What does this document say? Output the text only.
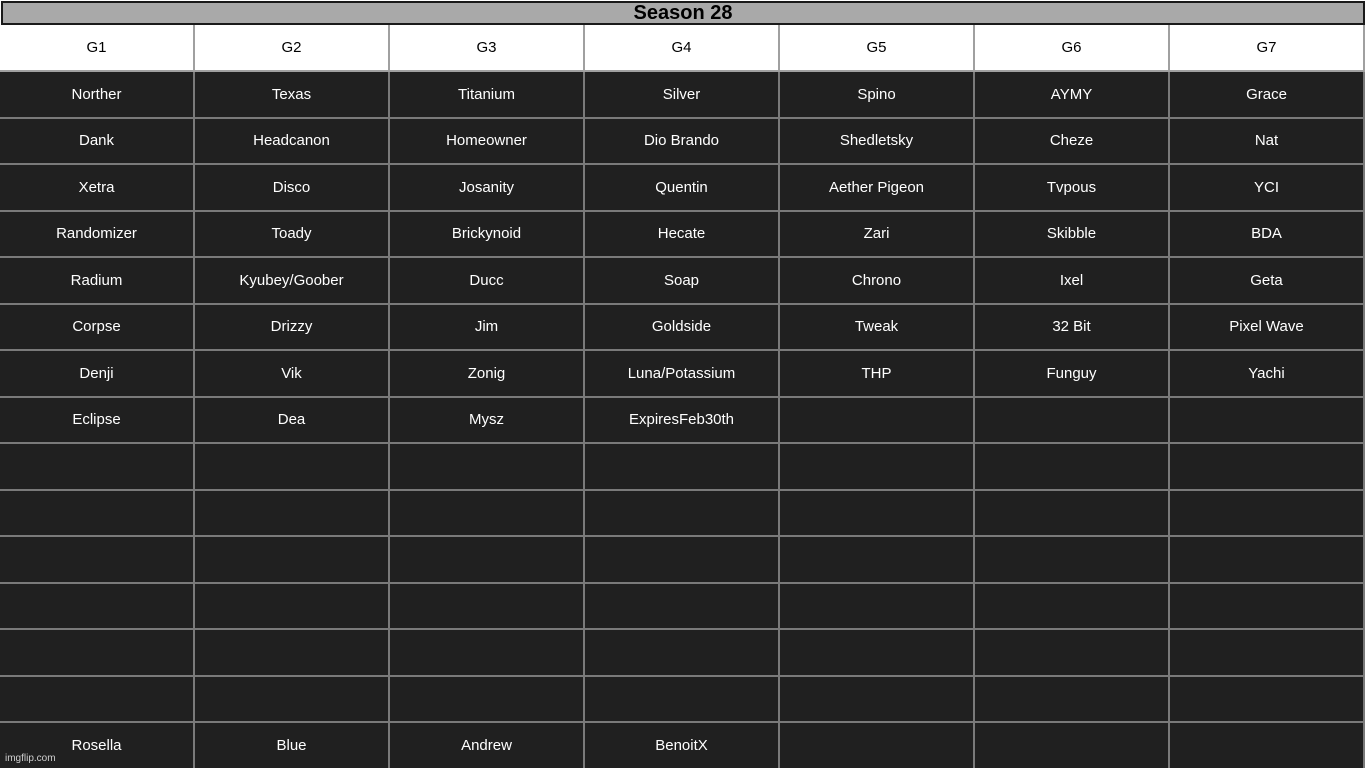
Season 28
G1	G2	G3	G4	G5	G6	G7
Norther	Texas	Titanium	Silver	Spino	AYMY	Grace
Dank	Headcanon	Homeowner	Dio Brando	Shedletsky	Cheze	Nat
Xetra	Disco	Josanity	Quentin	Aether Pigeon	Tvpous	YCI
Randomizer	Toady	Brickynoid	Hecate	Zari	Skibble	BDA
Radium	Kyubey/Goober	Ducc	Soap	Chrono	Ixel	Geta
Corpse	Drizzy	Jim	Goldside	Tweak	32 Bit	Pixel Wave
Denji	Vik	Zonig	Luna/Potassium	THP	Funguy	Yachi
Eclipse	Dea	Mysz	ExpiresFeb30th
Rosella	Blue	Andrew	BenoitX
imgflip.com
